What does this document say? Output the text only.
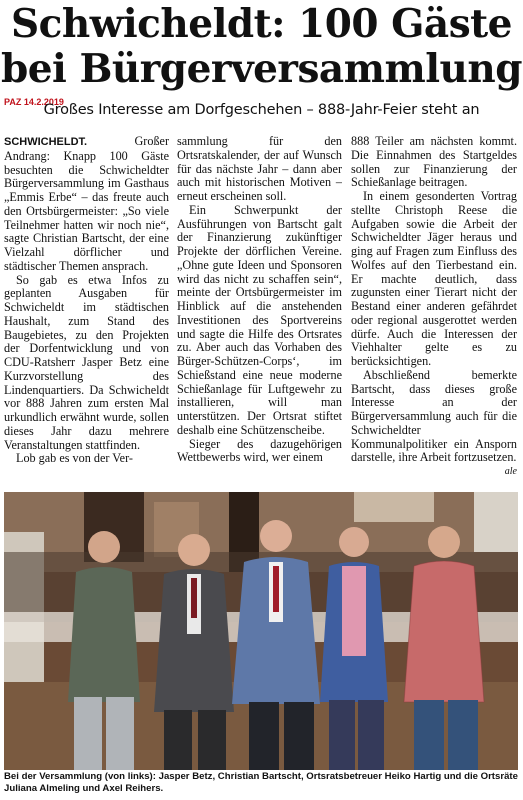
Schwicheldt: 100 Gäste
bei Bürgerversammlung
PAZ 14.2.2019
Großes Interesse am Dorfgeschehen – 888-Jahr-Feier steht an

SCHWICHELDT.	Großer Andrang: Knapp 100 Gäste besuchten die Schwicheldter Bürgerversammlung im Gasthaus „Emmis Erbe“ – das freute auch den Ortsbürgermeister: „So viele Teilnehmer hatten wir noch nie“, sagte Christian Bartscht, der eine Vielzahl dörflicher und städtischer Themen ansprach.

So gab es etwa Infos zu geplanten Ausgaben für Schwicheldt im städtischen Haushalt, zum Stand des Baugebietes, zu den Projekten der Dorfentwicklung und von CDU-Ratsherr Jasper Betz eine Kurzvorstellung des Lindenquartiers. Da Schwicheldt vor 888 Jahren zum ersten Mal urkundlich erwähnt wurde, sollen dieses Jahr dazu mehrere Veranstaltungen stattfinden.

Lob gab es von der Ver-

sammlung für den Ortsratskalender, der auf Wunsch für das nächste Jahr – dann aber auch mit historischen Motiven – erneut erscheinen soll.

Ein Schwerpunkt der Ausführungen von Bartscht galt der Finanzierung zukünftiger Projekte der dörflichen Vereine. „Ohne gute Ideen und Sponsoren wird das nicht zu schaffen sein“, meinte der Ortsbürgermeister im Hinblick auf die anstehenden Investitionen des Sportvereins und sagte die Hilfe des Ortsrates zu. Aber auch das Vorhaben des Bürger-Schützen-Corps‘, im Schießstand eine neue moderne Schießanlage für Luftgewehr zu installieren, will man unterstützen. Der Ortsrat stiftet deshalb eine Schützenscheibe.

Sieger des dazugehörigen Wettbewerbs wird, wer einem

888 Teiler am nächsten kommt. Die Einnahmen des Startgeldes sollen zur Finanzierung der Schießanlage beitragen.

In einem gesonderten Vortrag stellte Christoph Reese die Aufgaben sowie die Arbeit der Schwicheldter Jäger heraus und ging auf Fragen zum Einfluss des Wolfes auf den Tierbestand ein. Er machte deutlich, dass zugunsten einer Tierart nicht der Bestand einer anderen gefährdet oder regional ausgerottet werden dürfe. Auch die Interessen der Viehhalter gelte es zu berücksichtigen.

Abschließend bemerkte Bartscht, dass dieses große Interesse an der Bürgerversammlung auch für die Schwicheldter Kommunalpolitiker ein Ansporn darstelle, ihre Arbeit fortzusetzen.
ale

Bei der Versammlung (von links): Jasper Betz, Christian Bartscht, Ortsratsbetreuer Heiko Hartig und die Ortsräte Juliana Almeling und Axel Reihers.
